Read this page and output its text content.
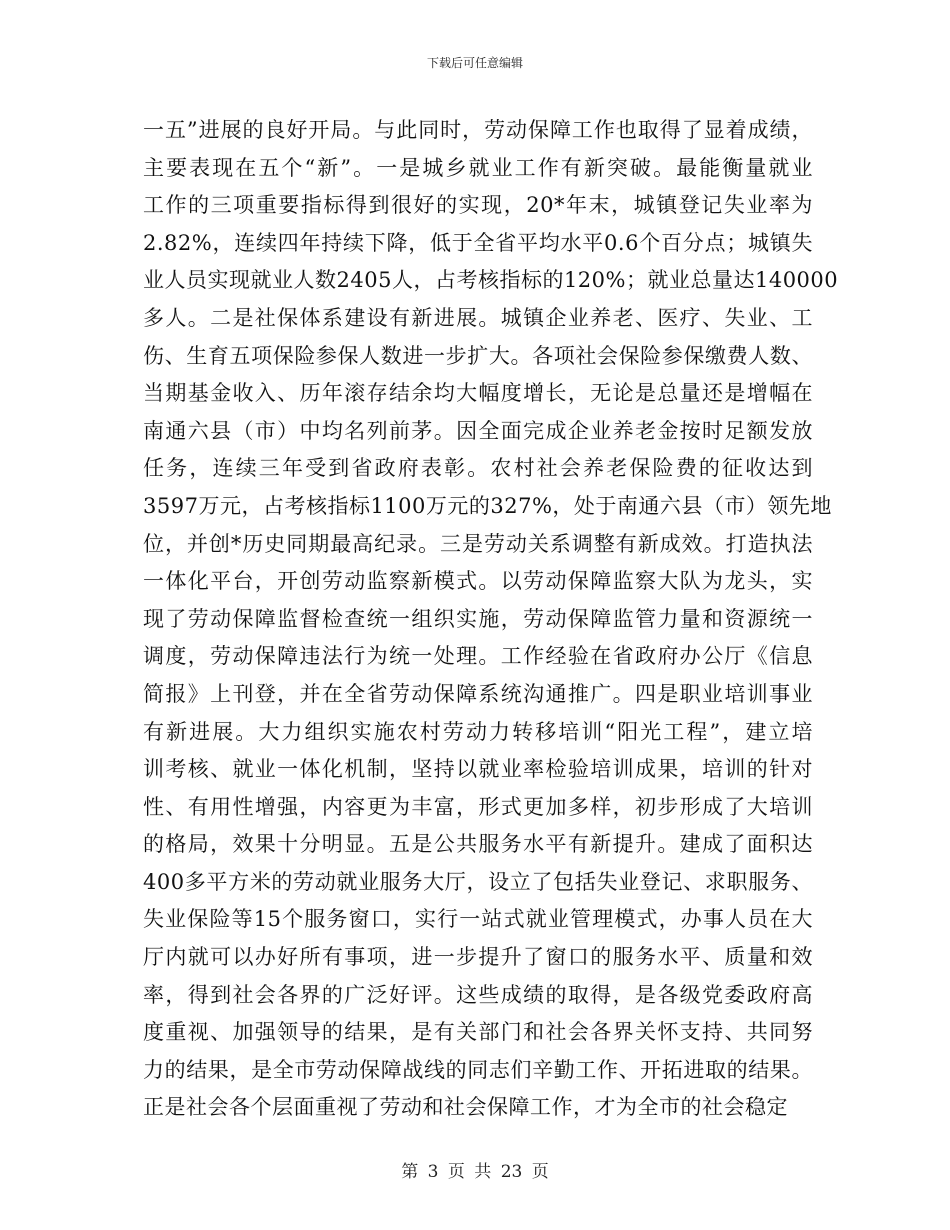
下载后可任意编辑
一五”进展的良好开局。与此同时，劳动保障工作也取得了显着成绩，
主要表现在五个“新”。一是城乡就业工作有新突破。最能衡量就业
工作的三项重要指标得到很好的实现，20*年末，城镇登记失业率为
2.82%，连续四年持续下降，低于全省平均水平0.6个百分点；城镇失
业人员实现就业人数2405人，占考核指标的120%；就业总量达140000
多人。二是社保体系建设有新进展。城镇企业养老、医疗、失业、工
伤、生育五项保险参保人数进一步扩大。各项社会保险参保缴费人数、
当期基金收入、历年滚存结余均大幅度增长，无论是总量还是增幅在
南通六县（市）中均名列前茅。因全面完成企业养老金按时足额发放
任务，连续三年受到省政府表彰。农村社会养老保险费的征收达到
3597万元，占考核指标1100万元的327%，处于南通六县（市）领先地
位，并创*历史同期最高纪录。三是劳动关系调整有新成效。打造执法
一体化平台，开创劳动监察新模式。以劳动保障监察大队为龙头，实
现了劳动保障监督检查统一组织实施，劳动保障监管力量和资源统一
调度，劳动保障违法行为统一处理。工作经验在省政府办公厅《信息
简报》上刊登，并在全省劳动保障系统沟通推广。四是职业培训事业
有新进展。大力组织实施农村劳动力转移培训“阳光工程”，建立培
训考核、就业一体化机制，坚持以就业率检验培训成果，培训的针对
性、有用性增强，内容更为丰富，形式更加多样，初步形成了大培训
的格局，效果十分明显。五是公共服务水平有新提升。建成了面积达
400多平方米的劳动就业服务大厅，设立了包括失业登记、求职服务、
失业保险等15个服务窗口，实行一站式就业管理模式，办事人员在大
厅内就可以办好所有事项，进一步提升了窗口的服务水平、质量和效
率，得到社会各界的广泛好评。这些成绩的取得，是各级党委政府高
度重视、加强领导的结果，是有关部门和社会各界关怀支持、共同努
力的结果，是全市劳动保障战线的同志们辛勤工作、开拓进取的结果。
正是社会各个层面重视了劳动和社会保障工作，才为全市的社会稳定
第 3 页 共 23 页
